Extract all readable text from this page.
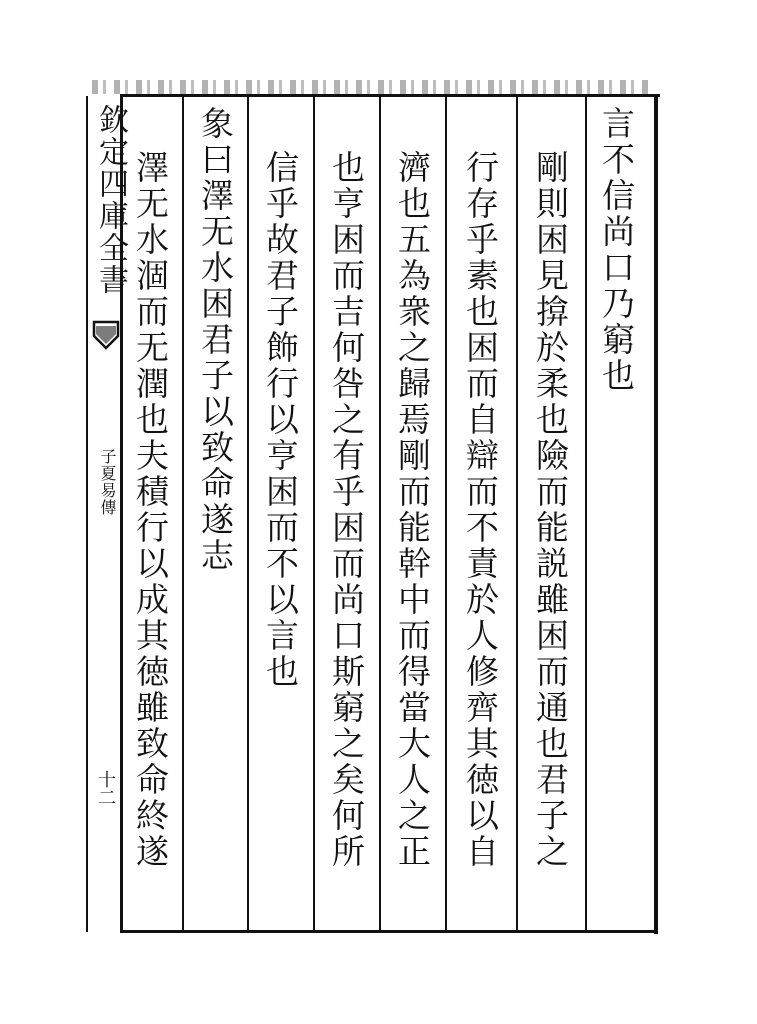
欽定四庫全書
子夏易傳
十二
言不信尚口乃窮也
剛則困見揜於柔也險而能説雖困而通也君子之
行存乎素也困而自辯而不責於人修齊其徳以自
濟也五為衆之歸焉剛而能幹中而得當大人之正
也亨困而吉何咎之有乎困而尚口斯窮之矣何所
信乎故君子飾行以亨困而不以言也
象曰澤无水困君子以致命遂志
澤无水涸而无潤也夫積行以成其徳雖致命終遂
